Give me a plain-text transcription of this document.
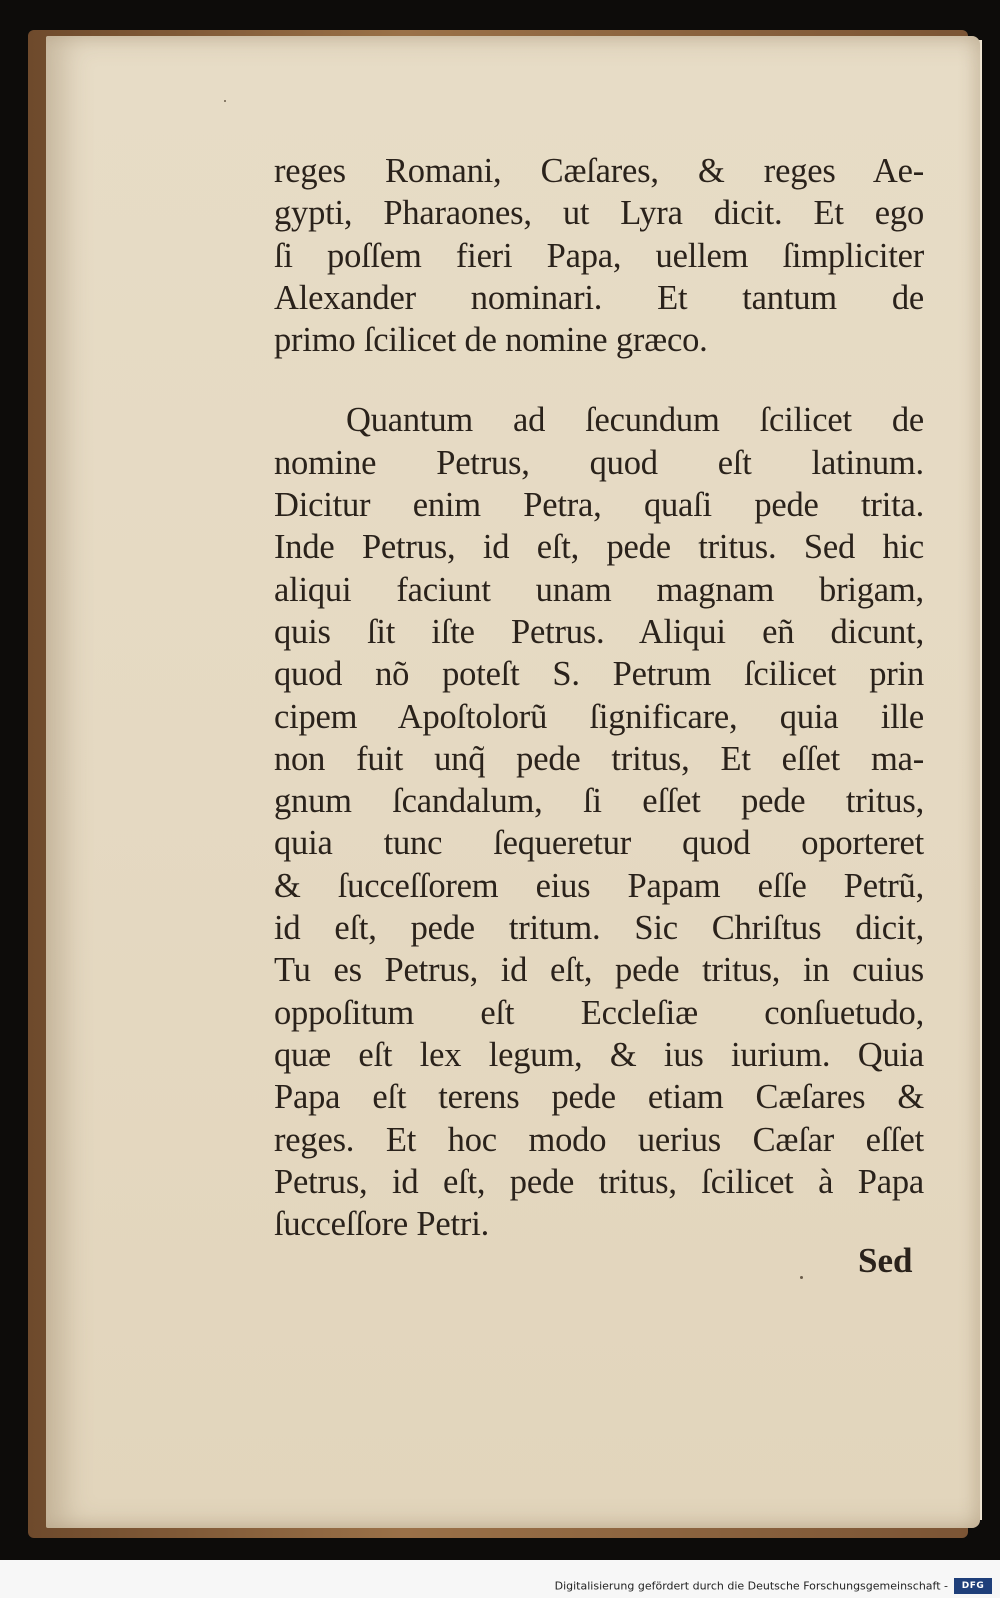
reges Romani, Cæſares, & reges Ae-
gypti, Pharaones, ut Lyra dicit. Et ego
ſi poſſem fieri Papa, uellem ſimpliciter
Alexander nominari. Et tantum de
primo ſcilicet de nomine græco.
Quantum ad ſecundum ſcilicet de
nomine Petrus, quod eſt latinum.
Dicitur enim Petra, quaſi pede trita.
Inde Petrus, id eſt, pede tritus. Sed hic
aliqui faciunt unam magnam brigam,
quis ſit iſte Petrus. Aliqui eñ dicunt,
quod nõ poteſt S. Petrum ſcilicet prin
cipem Apoſtolorũ ſignificare, quia ille
non fuit unq̃ pede tritus, Et eſſet ma-
gnum ſcandalum, ſi eſſet pede tritus,
quia tunc ſequeretur quod oporteret
& ſucceſſorem eius Papam eſſe Petrũ,
id eſt, pede tritum. Sic Chriſtus dicit,
Tu es Petrus, id eſt, pede tritus, in cuius
oppoſitum eſt Eccleſiæ conſuetudo,
quæ eſt lex legum, & ius iurium. Quia
Papa eſt terens pede etiam Cæſares &
reges. Et hoc modo uerius Cæſar eſſet
Petrus, id eſt, pede tritus, ſcilicet à Papa
ſucceſſore Petri.
Sed
Digitalisierung gefördert durch die Deutsche Forschungsgemeinschaft -	DFG
